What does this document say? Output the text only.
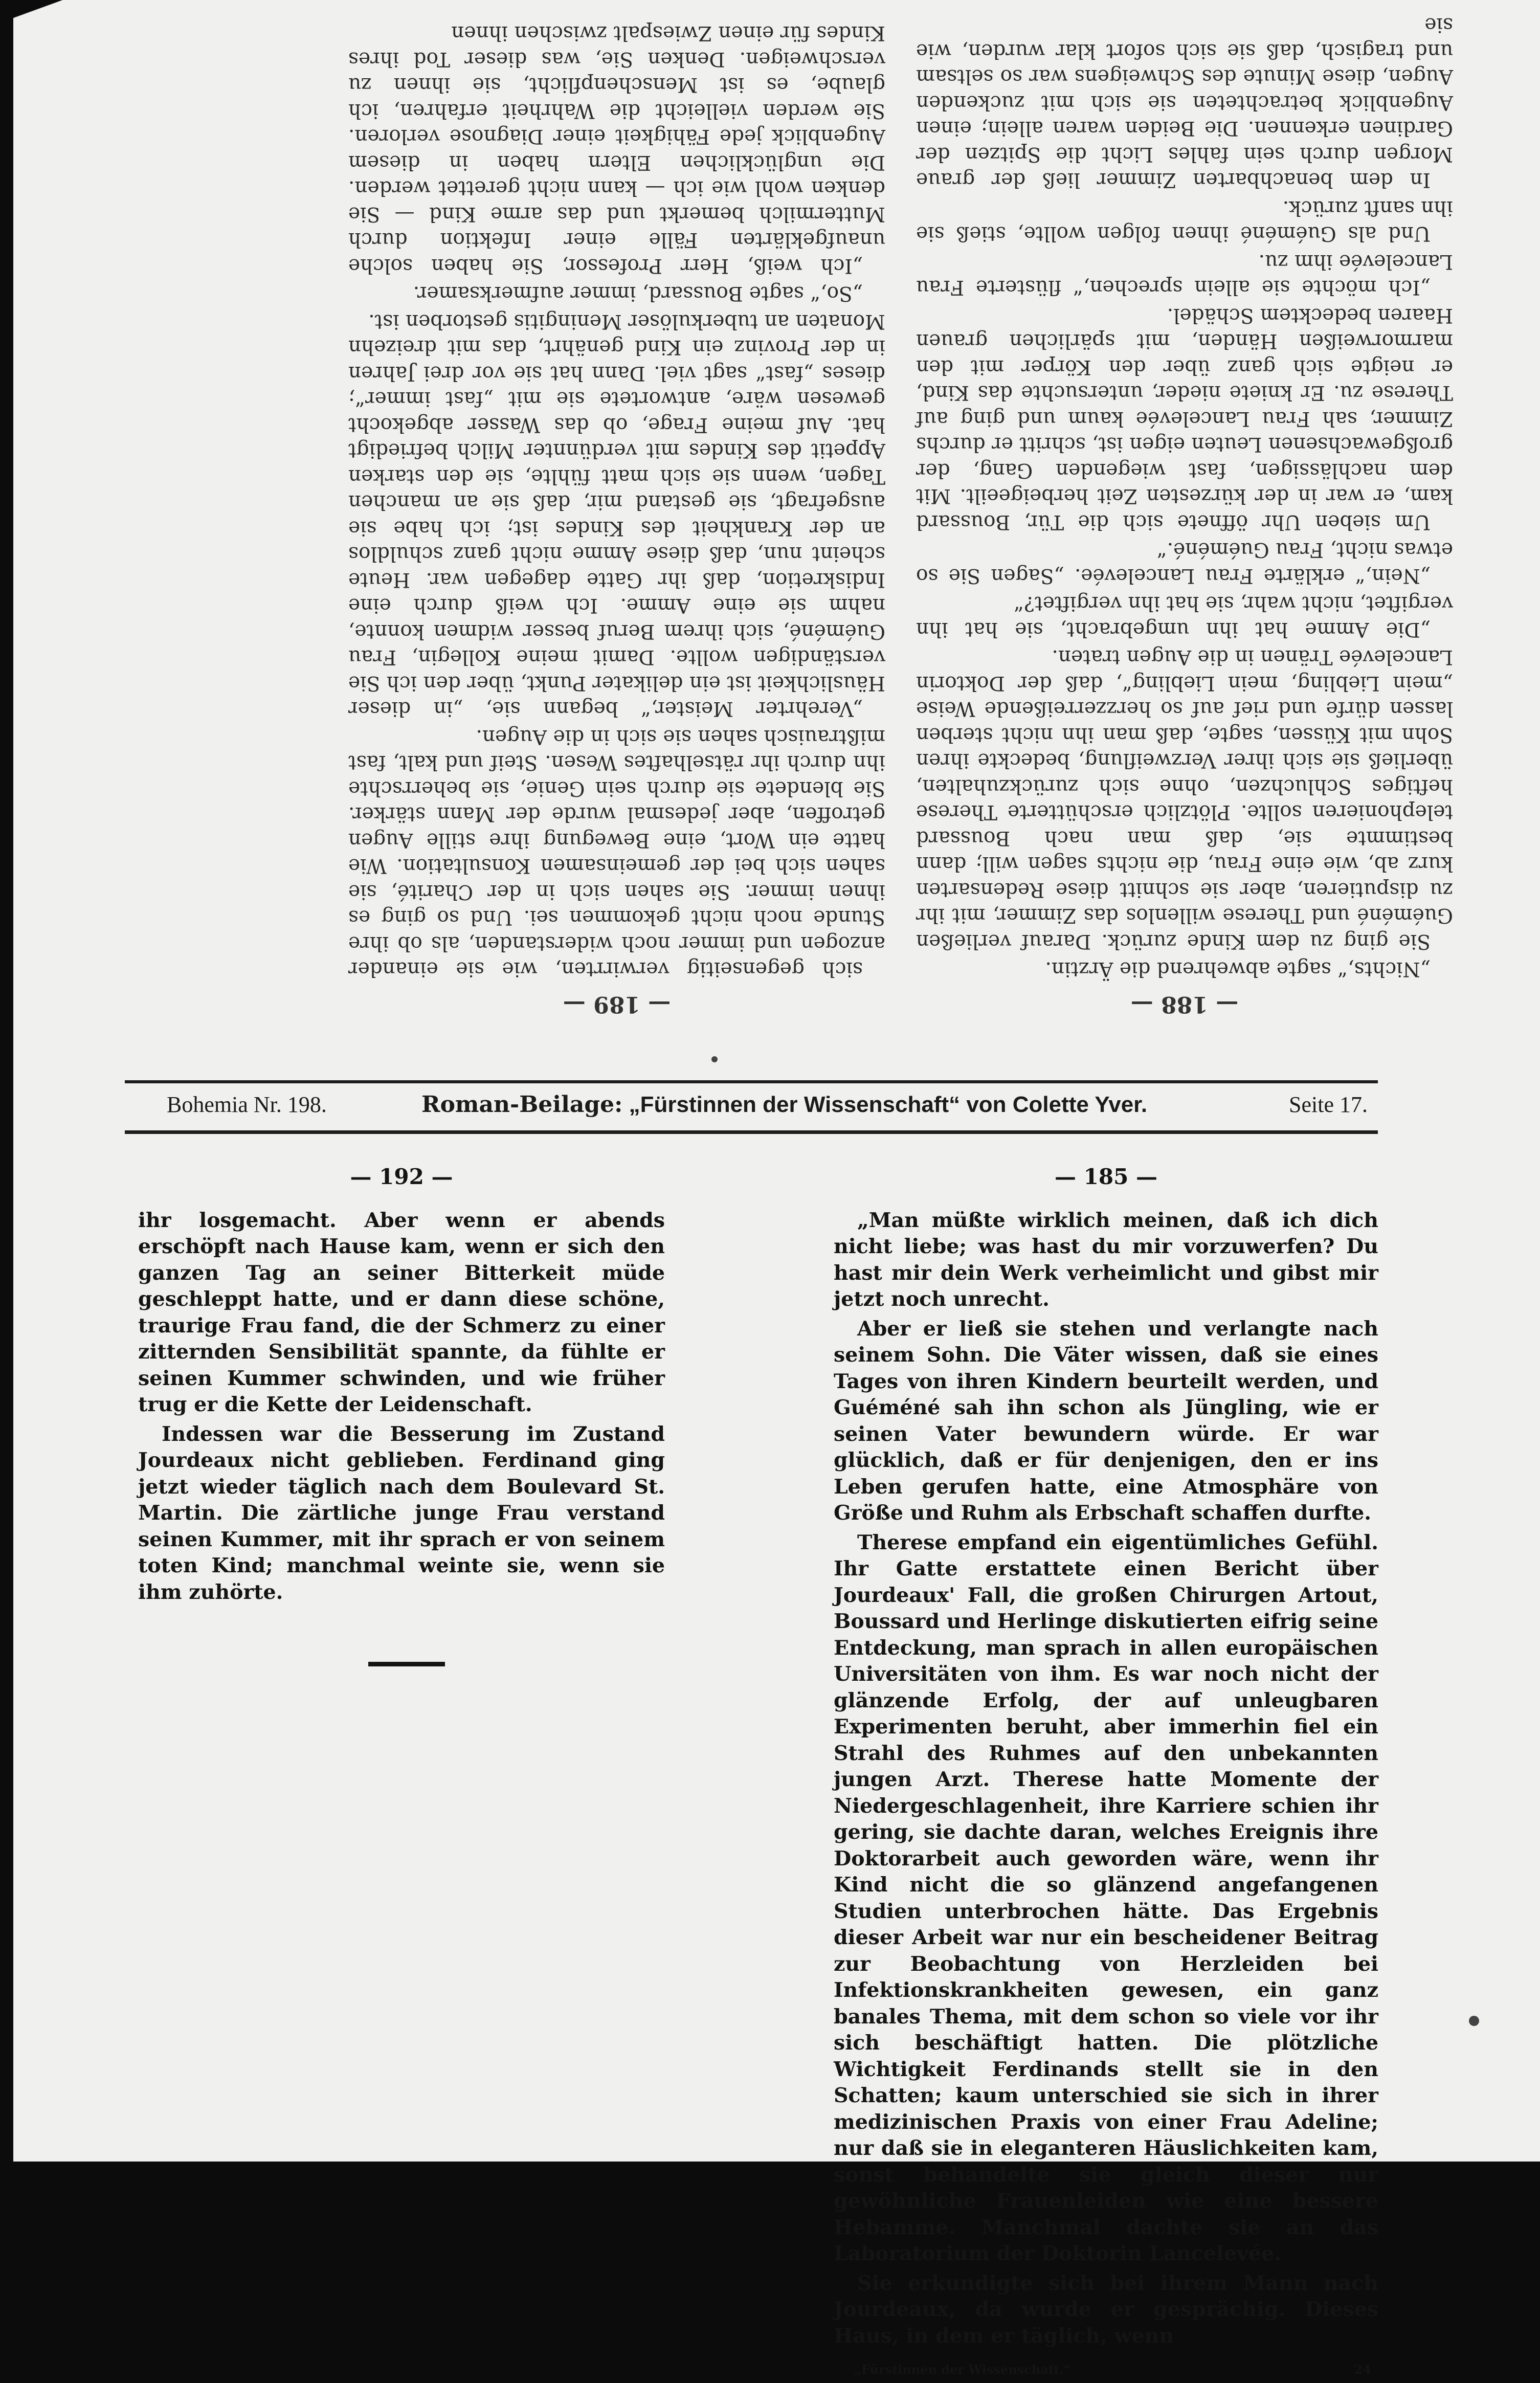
— 188 —

„Nichts,“ sagte abwehrend die Ärztin.

Sie ging zu dem Kinde zurück. Darauf verließen Guéméné und Therese willenlos das Zimmer, mit ihr zu disputieren, aber sie schnitt diese Redensarten kurz ab, wie eine Frau, die nichts sagen will; dann bestimmte sie, daß man nach Boussard telephonieren sollte. Plötzlich erschütterte Therese heftiges Schluchzen, ohne sich zurückzuhalten, überließ sie sich ihrer Verzweiflung, bedeckte ihren Sohn mit Küssen, sagte, daß man ihn nicht sterben lassen dürfe und rief auf so herzzerreißende Weise „mein Liebling, mein Liebling“, daß der Doktorin Lancelevée Tränen in die Augen traten.

„Die Amme hat ihn umgebracht, sie hat ihn vergiftet, nicht wahr, sie hat ihn vergiftet?“

„Nein,“ erklärte Frau Lancelevée. „Sagen Sie so etwas nicht, Frau Guéméné.“

Um sieben Uhr öffnete sich die Tür, Boussard kam, er war in der kürzesten Zeit herbeigeeilt. Mit dem nachlässigen, fast wiegenden Gang, der großgewachsenen Leuten eigen ist, schritt er durchs Zimmer, sah Frau Lancelevée kaum und ging auf Therese zu. Er kniete nieder, untersuchte das Kind, er neigte sich ganz über den Körper mit den marmorweißen Händen, mit spärlichen grauen Haaren bedecktem Schädel.

„Ich möchte sie allein sprechen,“ flüsterte Frau Lancelevée ihm zu.

Und als Guéméné ihnen folgen wollte, stieß sie ihn sanft zurück.

In dem benachbarten Zimmer ließ der graue Morgen durch sein fahles Licht die Spitzen der Gardinen erkennen. Die Beiden waren allein; einen Augenblick betrachteten sie sich mit zuckenden Augen, diese Minute des Schweigens war so seltsam und tragisch, daß sie sich sofort klar wurden, wie sie

— 189 —

sich gegenseitig verwirrten, wie sie einander anzogen und immer noch widerstanden, als ob ihre Stunde noch nicht gekommen sei. Und so ging es ihnen immer. Sie sahen sich in der Charité, sie sahen sich bei der gemeinsamen Konsultation. Wie hatte ein Wort, eine Bewegung ihre stille Augen getroffen, aber jedesmal wurde der Mann stärker. Sie blendete sie durch sein Genie, sie beherrschte ihn durch ihr rätselhaftes Wesen. Steif und kalt, fast mißtrauisch sahen sie sich in die Augen.

„Verehrter Meister,“ begann sie, „in dieser Häuslichkeit ist ein delikater Punkt, über den ich Sie verständigen wollte. Damit meine Kollegin, Frau Guéméné, sich ihrem Beruf besser widmen konnte, nahm sie eine Amme. Ich weiß durch eine Indiskretion, daß ihr Gatte dagegen war. Heute scheint nun, daß diese Amme nicht ganz schuldlos an der Krankheit des Kindes ist; ich habe sie ausgefragt, sie gestand mir, daß sie an manchen Tagen, wenn sie sich matt fühlte, sie den starken Appetit des Kindes mit verdünnter Milch befriedigt hat. Auf meine Frage, ob das Wasser abgekocht gewesen wäre, antwortete sie mit „fast immer“; dieses „fast“ sagt viel. Dann hat sie vor drei Jahren in der Provinz ein Kind genährt, das mit dreizehn Monaten an tuberkulöser Meningitis gestorben ist.

„So,“ sagte Boussard, immer aufmerksamer.

„Ich weiß, Herr Professor, Sie haben solche unaufgeklärten Fälle einer Infektion durch Muttermilch bemerkt und das arme Kind — Sie denken wohl wie ich — kann nicht gerettet werden. Die unglücklichen Eltern haben in diesem Augenblick jede Fähigkeit einer Diagnose verloren. Sie werden vielleicht die Wahrheit erfahren, ich glaube, es ist Menschenpflicht, sie ihnen zu verschweigen. Denken Sie, was dieser Tod ihres Kindes für einen Zwiespalt zwischen ihnen

Bohemia Nr. 198.	Roman-Beilage: „Fürstinnen der Wissenschaft“ von Colette Yver.	Seite 17.
— 192 —

ihr losgemacht. Aber wenn er abends erschöpft nach Hause kam, wenn er sich den ganzen Tag an seiner Bitterkeit müde geschleppt hatte, und er dann diese schöne, traurige Frau fand, die der Schmerz zu einer zitternden Sensibilität spannte, da fühlte er seinen Kummer schwinden, und wie früher trug er die Kette der Leidenschaft.

Indessen war die Besserung im Zustand Jourdeaux nicht geblieben. Ferdinand ging jetzt wieder täglich nach dem Boulevard St. Martin. Die zärtliche junge Frau verstand seinen Kummer, mit ihr sprach er von seinem toten Kind; manchmal weinte sie, wenn sie ihm zuhörte.

— 185 —

„Man müßte wirklich meinen, daß ich dich nicht liebe; was hast du mir vorzuwerfen? Du hast mir dein Werk verheimlicht und gibst mir jetzt noch unrecht.

Aber er ließ sie stehen und verlangte nach seinem Sohn. Die Väter wissen, daß sie eines Tages von ihren Kindern beurteilt werden, und Guéméné sah ihn schon als Jüngling, wie er seinen Vater bewundern würde. Er war glücklich, daß er für denjenigen, den er ins Leben gerufen hatte, eine Atmosphäre von Größe und Ruhm als Erbschaft schaffen durfte.

Therese empfand ein eigentümliches Gefühl. Ihr Gatte erstattete einen Bericht über Jourdeaux' Fall, die großen Chirurgen Artout, Boussard und Herlinge diskutierten eifrig seine Entdeckung, man sprach in allen europäischen Universitäten von ihm. Es war noch nicht der glänzende Erfolg, der auf unleugbaren Experimenten beruht, aber immerhin fiel ein Strahl des Ruhmes auf den unbekannten jungen Arzt. Therese hatte Momente der Niedergeschlagenheit, ihre Karriere schien ihr gering, sie dachte daran, welches Ereignis ihre Doktorarbeit auch geworden wäre, wenn ihr Kind nicht die so glänzend angefangenen Studien unterbrochen hätte. Das Ergebnis dieser Arbeit war nur ein bescheidener Beitrag zur Beobachtung von Herzleiden bei Infektionskrankheiten gewesen, ein ganz banales Thema, mit dem schon so viele vor ihr sich beschäftigt hatten. Die plötzliche Wichtigkeit Ferdinands stellt sie in den Schatten; kaum unterschied sie sich in ihrer medizinischen Praxis von einer Frau Adeline; nur daß sie in eleganteren Häuslichkeiten kam, sonst behandelte sie gleich dieser nur gewöhnliche Frauenleiden wie eine bessere Hebamme. Manchmal dachte sie an das Laboratorium der Doktorin Lancelevée.

Sie erkundigte sich bei ihrem Mann nach Jourdeaux, da wurde er gesprächig. Dieses Haus, in dem er täglich, wenn

„Fürstinnen der Wissenschaft.“	24
